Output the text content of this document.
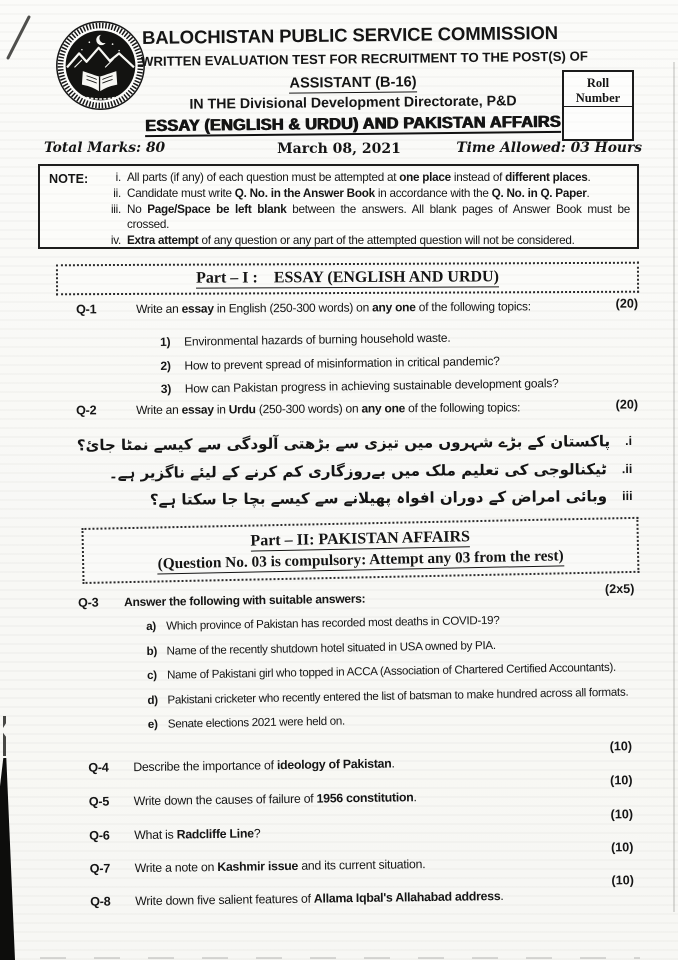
BALOCHISTAN PUBLIC SERVICE COMMISSION
WRITTEN EVALUATION TEST FOR RECRUITMENT TO THE POST(S) OF
ASSISTANT (B-16)
IN THE Divisional Development Directorate, P&D
ESSAY (ENGLISH & URDU) AND PAKISTAN AFFAIRS
Roll Number
Total Marks: 80	March 08, 2021	Time Allowed: 03 Hours
NOTE:	i. All parts (if any) of each question must be attempted at one place instead of different places.
ii. Candidate must write Q. No. in the Answer Book in accordance with the Q. No. in Q. Paper.
iii. No Page/Space be left blank between the answers. All blank pages of Answer Book must be crossed.
iv. Extra attempt of any question or any part of the attempted question will not be considered.
Part – I :    ESSAY (ENGLISH AND URDU)
Q-1	Write an essay in English (250-300 words) on any one of the following topics:	(20)
1)	Environmental hazards of burning household waste.
2)	How to prevent spread of misinformation in critical pandemic?
3)	How can Pakistan progress in achieving sustainable development goals?
Q-2	Write an essay in Urdu (250-300 words) on any one of the following topics:	(20)
i.
پاکستان کے بڑے شہروں میں تیزی سے بڑھتی آلودگی سے کیسے نمٹا جائ؟
ii.
ٹیکنالوجی کی تعلیم ملک میں بےروزگاری کم کرنے کے لیئے ناگزیر ہے۔
iii
وبائی امراض کے دوران افواہ پھیلانے سے کیسے بچا جا سکتا ہے؟
Part – II: PAKISTAN AFFAIRS
(Question No. 03 is compulsory: Attempt any 03 from the rest)
(2x5)
Q-3 Answer the following with suitable answers:
a) Which province of Pakistan has recorded most deaths in COVID-19?
b) Name of the recently shutdown hotel situated in USA owned by PIA.
c) Name of Pakistani girl who topped in ACCA (Association of Chartered Certified Accountants).
d) Pakistani cricketer who recently entered the list of batsman to make hundred across all formats.
e) Senate elections 2021 were held on.
Q-4 Describe the importance of ideology of Pakistan.
(10)
Q-5 Write down the causes of failure of 1956 constitution.
(10)
Q-6 What is Radcliffe Line?
(10)
Q-7 Write a note on Kashmir issue and its current situation.
(10)
Q-8 Write down five salient features of Allama Iqbal's Allahabad address.
(10)
